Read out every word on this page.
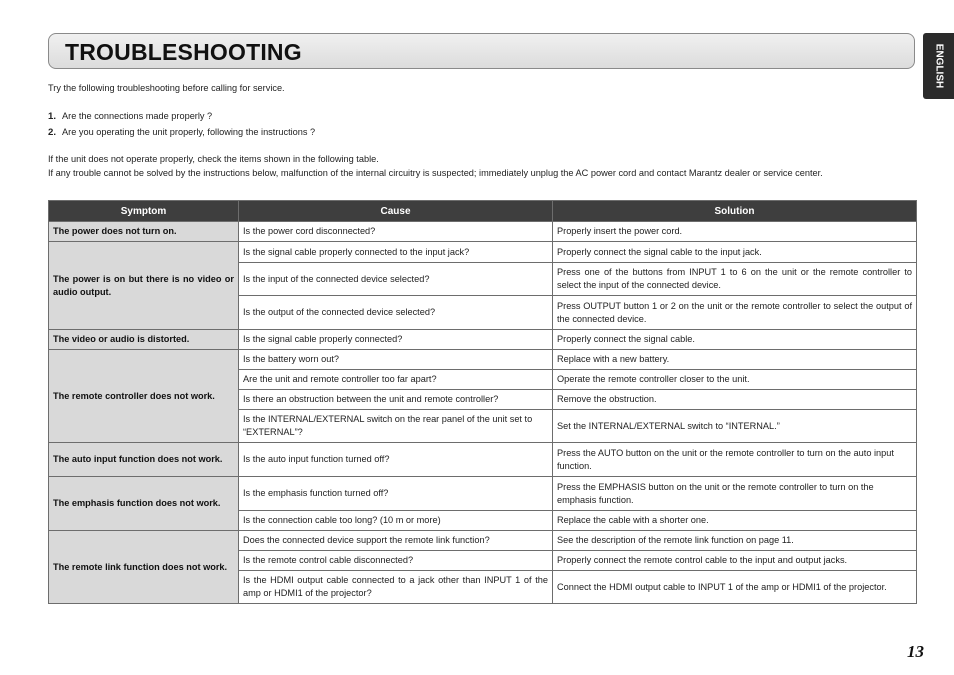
TROUBLESHOOTING	ENGLISH
Try the following troubleshooting before calling for service.
1. Are the connections made properly ?
2. Are you operating the unit properly, following the instructions ?
If the unit does not operate properly, check the items shown in the following table.
If any trouble cannot be solved by the instructions below, malfunction of the internal circuitry is suspected; immediately unplug the AC power cord and contact Marantz dealer or service center.
Symptom	Cause	Solution
The power does not turn on.	Is the power cord disconnected?	Properly insert the power cord.
The power is on but there is no video or audio output.	Is the signal cable properly connected to the input jack?	Properly connect the signal cable to the input jack.
	Is the input of the connected device selected?	Press one of the buttons from INPUT 1 to 6 on the unit or the remote controller to select the input of the connected device.
	Is the output of the connected device selected?	Press OUTPUT button 1 or 2 on the unit or the remote controller to select the output of the connected device.
The video or audio is distorted.	Is the signal cable properly connected?	Properly connect the signal cable.
The remote controller does not work.	Is the battery worn out?	Replace with a new battery.
	Are the unit and remote controller too far apart?	Operate the remote controller closer to the unit.
	Is there an obstruction between the unit and remote controller?	Remove the obstruction.
	Is the INTERNAL/EXTERNAL switch on the rear panel of the unit set to “EXTERNAL”?	Set the INTERNAL/EXTERNAL switch to “INTERNAL.”
The auto input function does not work.	Is the auto input function turned off?	Press the AUTO button on the unit or the remote controller to turn on the auto input function.
The emphasis function does not work.	Is the emphasis function turned off?	Press the EMPHASIS button on the unit or the remote controller to turn on the emphasis function.
	Is the connection cable too long? (10 m or more)	Replace the cable with a shorter one.
The remote link function does not work.	Does the connected device support the remote link function?	See the description of the remote link function on page 11.
	Is the remote control cable disconnected?	Properly connect the remote control cable to the input and output jacks.
	Is the HDMI output cable connected to a jack other than INPUT 1 of the amp or HDMI1 of the projector?	Connect the HDMI output cable to INPUT 1 of the amp or HDMI1 of the projector.
13
